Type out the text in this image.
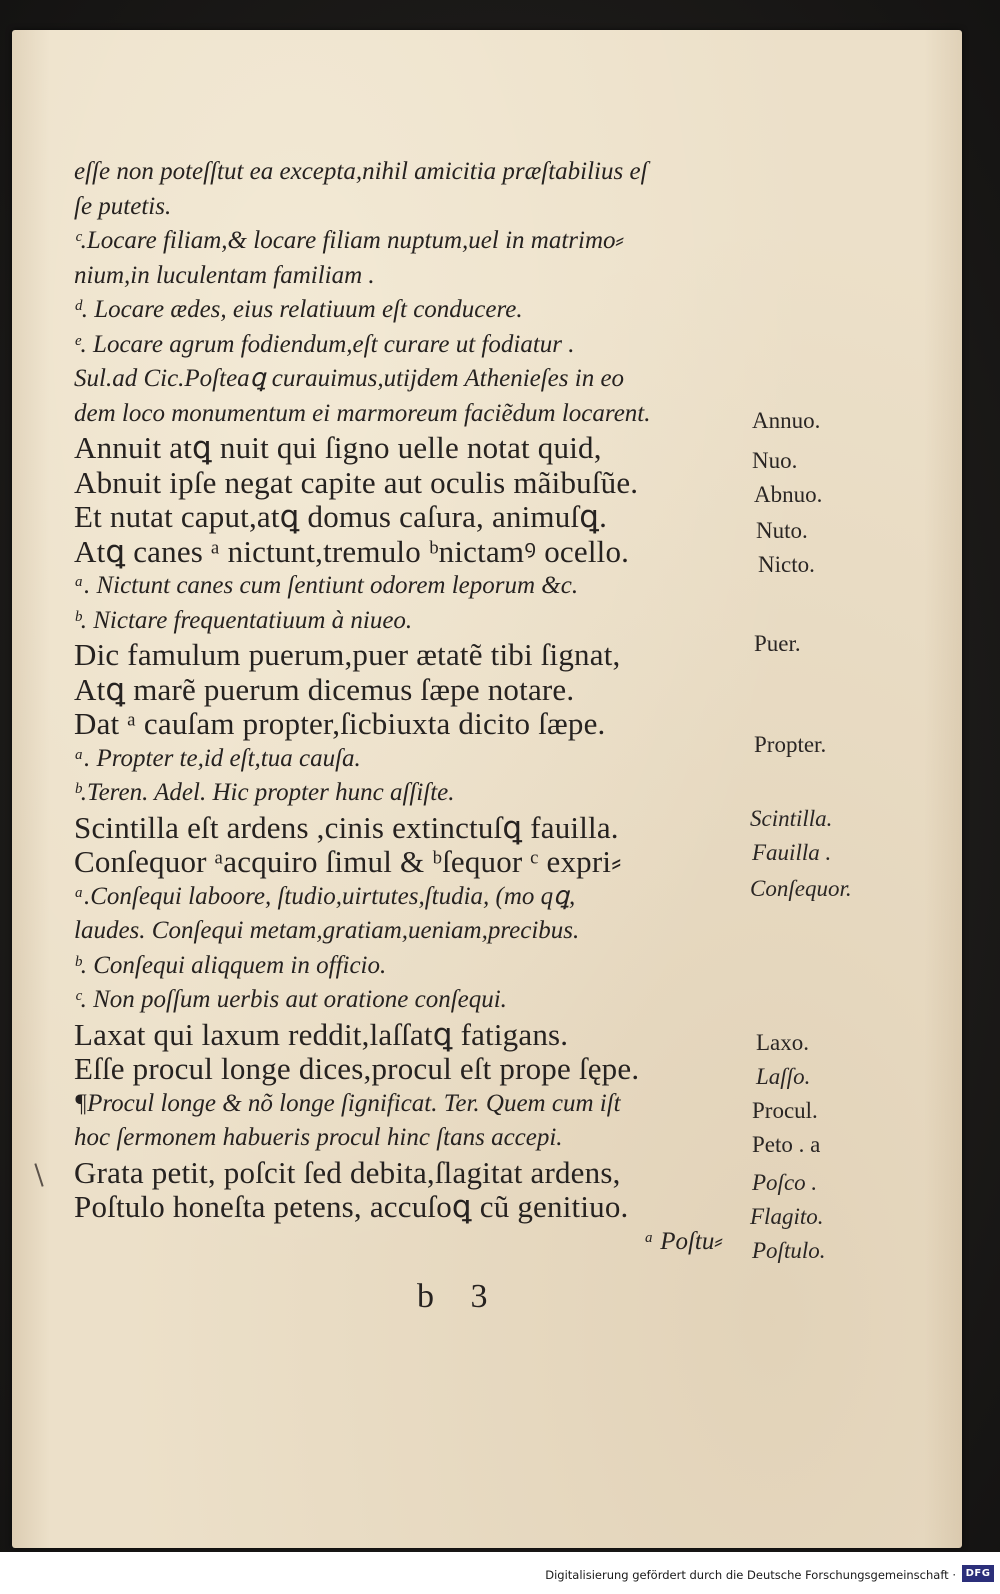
eſſe non poteſſtut ea excepta,nihil amicitia præſtabilius eſ
ſe putetis.
ᶜ.Locare filiam,& locare filiam nuptum,uel in matrimo⸗
nium,in luculentam familiam .
ᵈ. Locare ædes, eius relatiuum eſt conducere.
ᵉ. Locare agrum fodiendum,eſt curare ut fodiatur .
Sul.ad Cic.Poſteaꝗ curauimus,utijdem Athenieſes in eo
dem loco monumentum ei marmoreum faciẽdum locarent.
Annuit atꝗ nuit qui ſigno uelle notat quid,
Abnuit ipſe negat capite aut oculis mãibuſũe.
Et nutat caput,atꝗ domus caſura, animuſꝗ.
Atꝗ canes ᵃ nictunt,tremulo ᵇnictamꝰ ocello.
ᵃ. Nictunt canes cum ſentiunt odorem leporum &c.
ᵇ. Nictare frequentatiuum à niueo.
Dic famulum puerum,puer ætatẽ tibi ſignat,
Atꝗ marẽ puerum dicemus ſæpe notare.
Dat ᵃ cauſam propter,ſicbiuxta dicito ſæpe.
ᵃ. Propter te,id eſt,tua cauſa.
ᵇ.Teren. Adel. Hic propter hunc aſſiſte.
Scintilla eſt ardens ,cinis extinctuſꝗ fauilla.
Conſequor ᵃacquiro ſimul & ᵇſequor ᶜ expri⸗
ᵃ.Conſequi laboore, ſtudio,uirtutes,ſtudia, (mo qꝗ,
laudes. Conſequi metam,gratiam,ueniam,precibus.
ᵇ. Conſequi aliqquem in officio.
ᶜ. Non poſſum uerbis aut oratione conſequi.
Laxat qui laxum reddit,laſſatꝗ fatigans.
Eſſe procul longe dices,procul eſt prope ſępe.
¶Procul longe & nõ longe ſignificat. Ter. Quem cum iſt
hoc ſermonem habueris procul hinc ſtans accepi.
Grata petit, poſcit ſed debita,ſlagitat ardens,
Poſtulo honeſta petens, accuſoꝗ cũ genitiuo.
ᵃ Poſtu⸗
Annuo.
Nuo.
Abnuo.
Nuto.
Nicto.
Puer.
Propter.
Scintilla.
Fauilla .
Conſequor.
Laxo.
Laſſo.
Procul.
Peto . a
Poſco .
Flagito.
Poſtulo.
b 3
Digitalisierung gefördert durch die Deutsche Forschungsgemeinschaft · DFG
